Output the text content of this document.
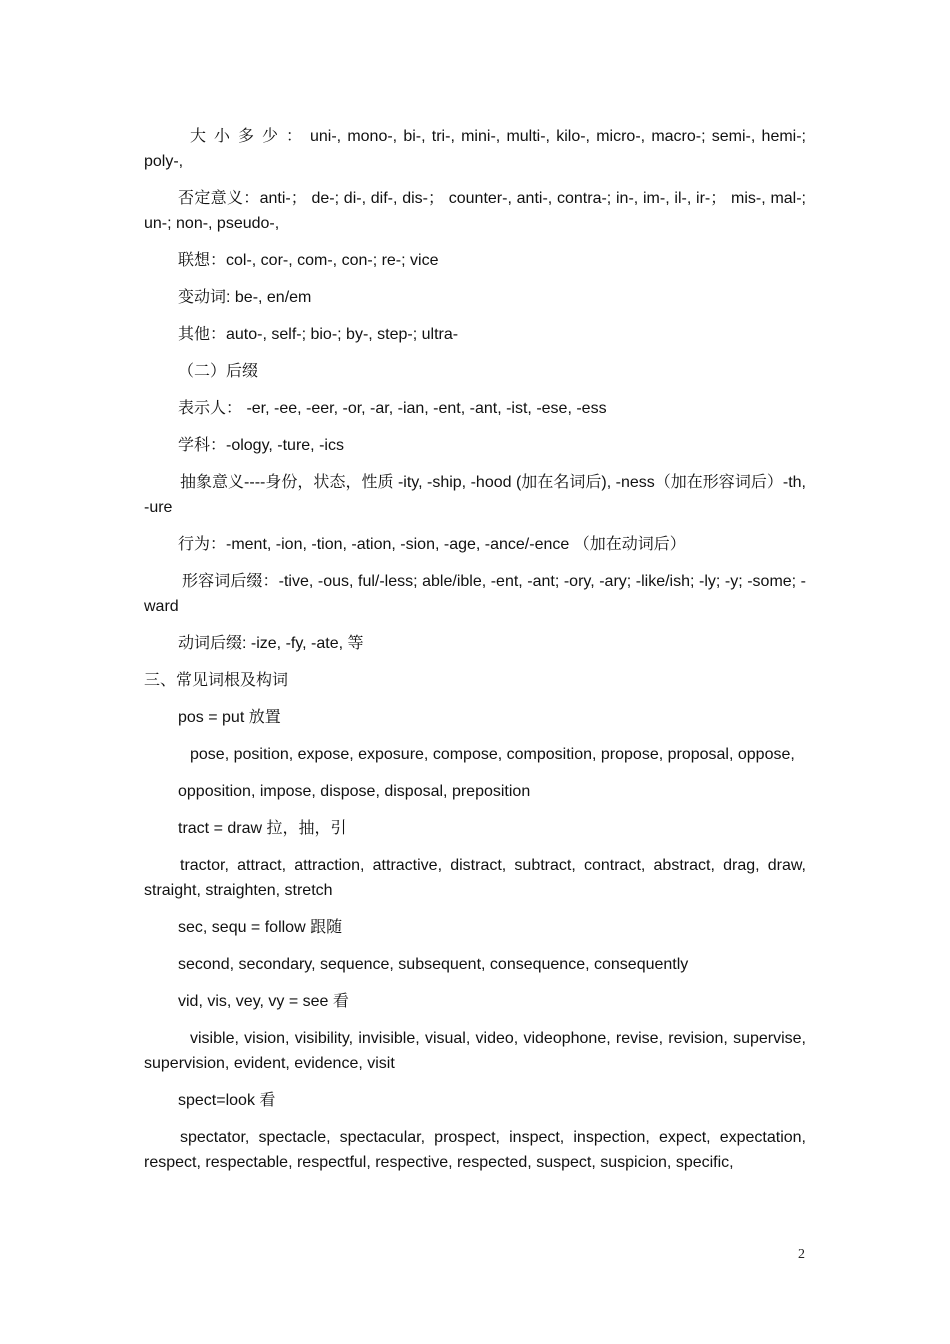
大 小 多 少 ： uni-, mono-, bi-, tri-, mini-, multi-, kilo-, micro-, macro-; semi-, hemi-; poly-,

否定意义：anti-； de-; di-, dif-, dis-； counter-, anti-, contra-; in-, im-, il-, ir-； mis-, mal-; un-; non-, pseudo-,

联想：col-, cor-, com-, con-; re-; vice

变动词: be-, en/em

其他：auto-, self-; bio-; by-, step-; ultra-

（二）后缀

表示人： -er, -ee, -eer, -or, -ar, -ian, -ent, -ant, -ist, -ese, -ess

学科：-ology, -ture, -ics

抽象意义----身份，状态，性质 -ity, -ship, -hood (加在名词后), -ness（加在形容词后）-th, -ure

行为：-ment, -ion, -tion, -ation, -sion, -age, -ance/-ence （加在动词后）

形容词后缀：-tive, -ous, ful/-less; able/ible, -ent, -ant; -ory, -ary; -like/ish; -ly; -y; -some; -ward

动词后缀: -ize, -fy, -ate, 等

三、常见词根及构词

pos = put 放置

pose, position, expose, exposure, compose, composition, propose, proposal, oppose,

opposition, impose, dispose, disposal, preposition

tract = draw 拉，抽，引

tractor, attract, attraction, attractive, distract, subtract, contract, abstract, drag, draw, straight, straighten, stretch

sec, sequ = follow 跟随

second, secondary, sequence, subsequent, consequence, consequently

vid, vis, vey, vy = see 看

visible, vision, visibility, invisible, visual, video, videophone, revise, revision, supervise, supervision, evident, evidence, visit

spect=look 看

spectator, spectacle, spectacular, prospect, inspect, inspection, expect, expectation, respect, respectable, respectful, respective, respected, suspect, suspicion, specific,

2
